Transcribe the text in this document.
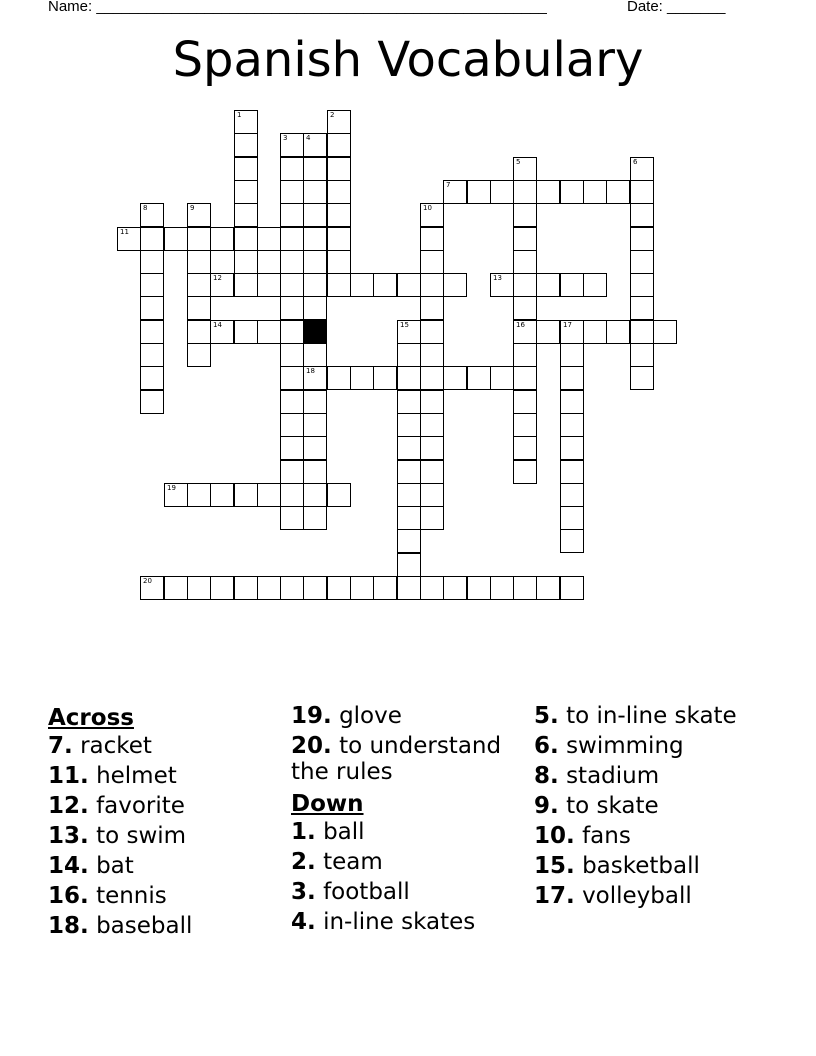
Name: ______________________________________________________	Date: _______
Spanish Vocabulary
1	2
3	4
18
5
16
6
7
8	9	10
11
12	13
14	15	17
19
20
Across
7. racket
11. helmet
12. favorite
13. to swim
14. bat
16. tennis
18. baseball
19. glove
20. to understand the rules
Down
1. ball
2. team
3. football
4. in-line skates
5. to in-line skate
6. swimming
8. stadium
9. to skate
10. fans
15. basketball
17. volleyball
